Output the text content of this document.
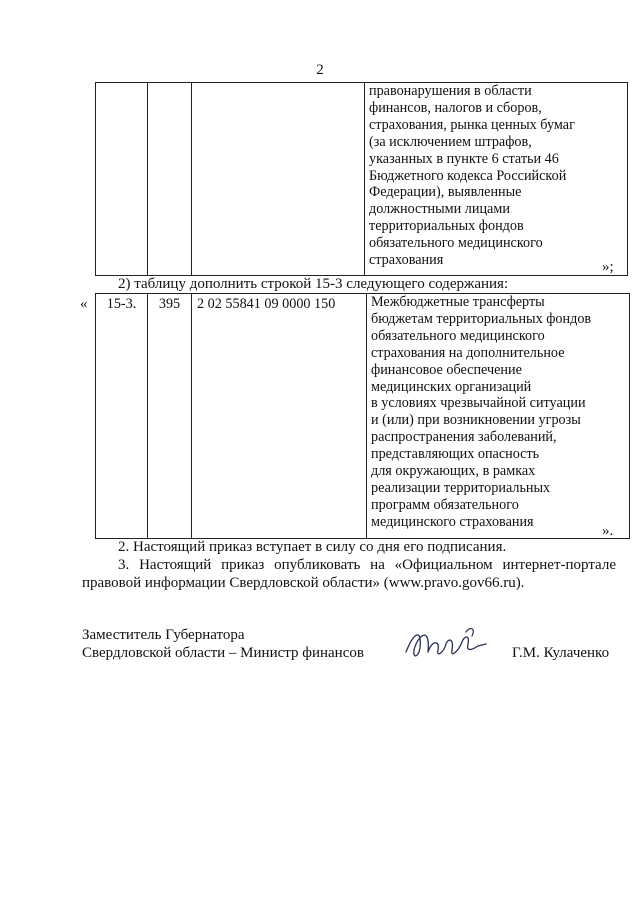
2
			правонарушения в области
финансов, налогов и сборов,
страхования, рынка ценных бумаг
(за исключением штрафов,
указанных в пункте 6 статьи 46
Бюджетного кодекса Российской
Федерации), выявленные
должностными лицами
территориальных фондов
обязательного медицинского
страхования	»;
2) таблицу дополнить строкой 15-3 следующего содержания:
« 15-3.	395	2 02 55841 09 0000 150	Межбюджетные трансферты
бюджетам территориальных фондов
обязательного медицинского
страхования на дополнительное
финансовое обеспечение
медицинских организаций
в условиях чрезвычайной ситуации
и (или) при возникновении угрозы
распространения заболеваний,
представляющих опасность
для окружающих, в рамках
реализации территориальных
программ обязательного
медицинского страхования
».
2. Настоящий приказ вступает в силу со дня его подписания.
3. Настоящий приказ опубликовать на «Официальном интернет-портале
правовой информации Свердловской области» (www.pravo.gov66.ru).
Заместитель Губернатора
Свердловской области – Министр финансов	Г.М. Кулаченко
